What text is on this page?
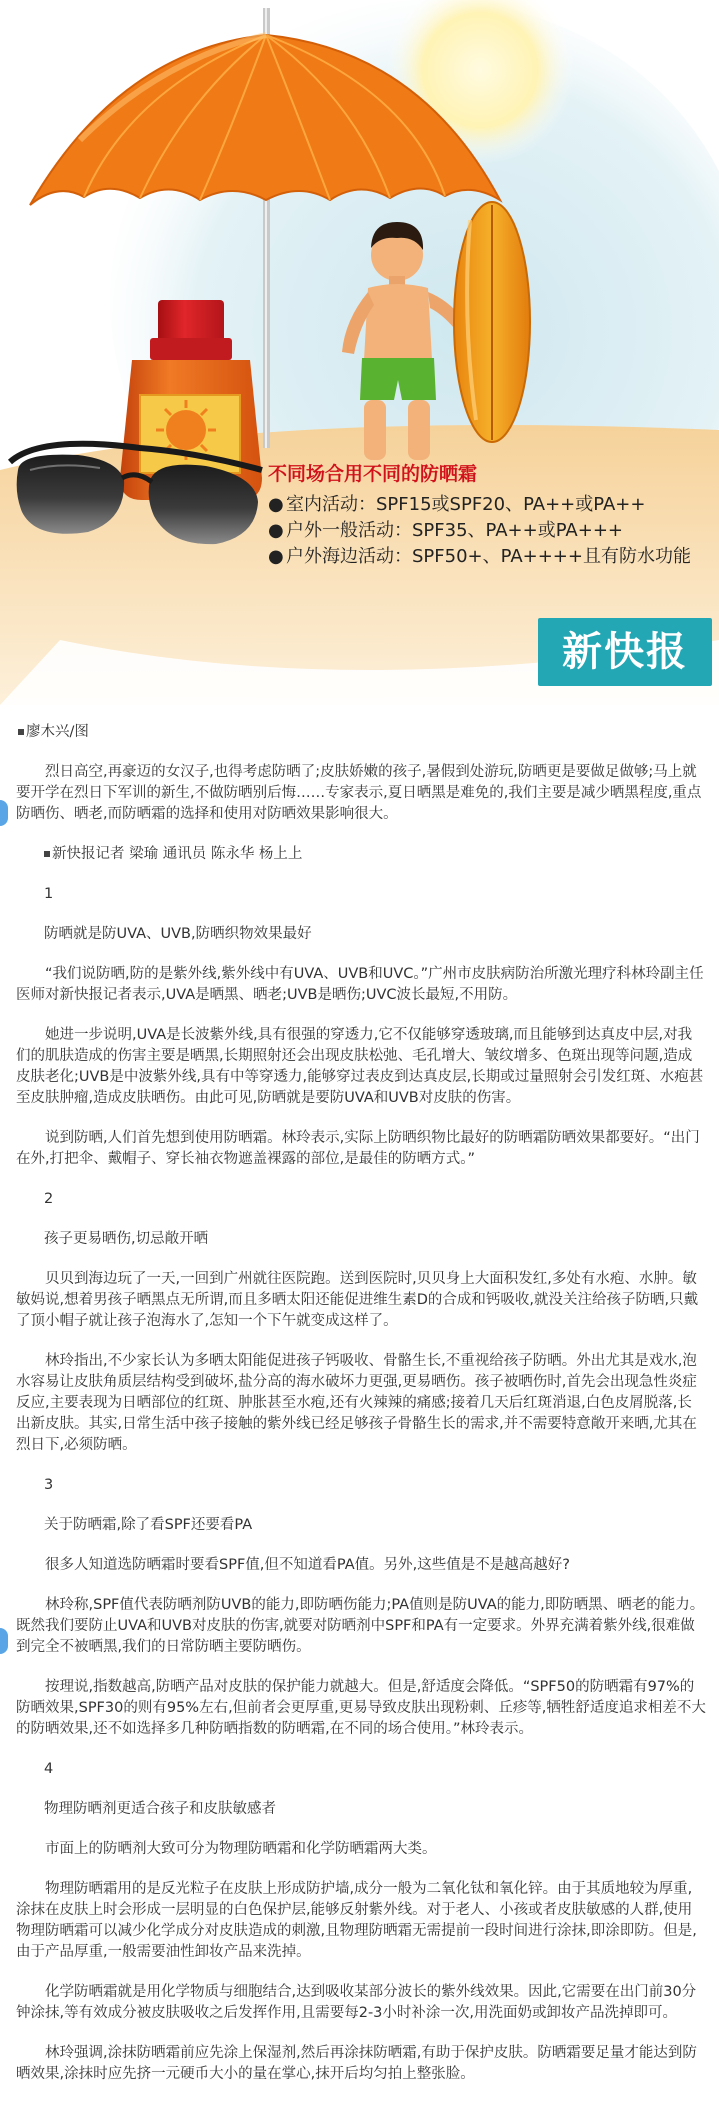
不同场合用不同的防晒霜
● 室内活动：SPF15或SPF20、PA++或PA++
● 户外一般活动：SPF35、PA++或PA+++
● 户外海边活动：SPF50+、PA++++且有防水功能
新快报

廖木兴/图

烈日高空,再豪迈的女汉子,也得考虑防晒了;皮肤娇嫩的孩子,暑假到处游玩,防晒更是要做足做够;马上就要开学在烈日下军训的新生,不做防晒别后悔……专家表示,夏日晒黑是难免的,我们主要是减少晒黑程度,重点防晒伤、晒老,而防晒霜的选择和使用对防晒效果影响很大。

新快报记者 梁瑜 通讯员 陈永华 杨上上

1

防晒就是防UVA、UVB,防晒织物效果最好

“我们说防晒,防的是紫外线,紫外线中有UVA、UVB和UVC。”广州市皮肤病防治所激光理疗科林玲副主任医师对新快报记者表示,UVA是晒黑、晒老;UVB是晒伤;UVC波长最短,不用防。

她进一步说明,UVA是长波紫外线,具有很强的穿透力,它不仅能够穿透玻璃,而且能够到达真皮中层,对我们的肌肤造成的伤害主要是晒黑,长期照射还会出现皮肤松弛、毛孔增大、皱纹增多、色斑出现等问题,造成皮肤老化;UVB是中波紫外线,具有中等穿透力,能够穿过表皮到达真皮层,长期或过量照射会引发红斑、水疱甚至皮肤肿瘤,造成皮肤晒伤。由此可见,防晒就是要防UVA和UVB对皮肤的伤害。

说到防晒,人们首先想到使用防晒霜。林玲表示,实际上防晒织物比最好的防晒霜防晒效果都要好。“出门在外,打把伞、戴帽子、穿长袖衣物遮盖裸露的部位,是最佳的防晒方式。”

2

孩子更易晒伤,切忌敞开晒

贝贝到海边玩了一天,一回到广州就往医院跑。送到医院时,贝贝身上大面积发红,多处有水疱、水肿。敏敏妈说,想着男孩子晒黑点无所谓,而且多晒太阳还能促进维生素D的合成和钙吸收,就没关注给孩子防晒,只戴了顶小帽子就让孩子泡海水了,怎知一个下午就变成这样了。

林玲指出,不少家长认为多晒太阳能促进孩子钙吸收、骨骼生长,不重视给孩子防晒。外出尤其是戏水,泡水容易让皮肤角质层结构受到破坏,盐分高的海水破坏力更强,更易晒伤。孩子被晒伤时,首先会出现急性炎症反应,主要表现为日晒部位的红斑、肿胀甚至水疱,还有火辣辣的痛感;接着几天后红斑消退,白色皮屑脱落,长出新皮肤。其实,日常生活中孩子接触的紫外线已经足够孩子骨骼生长的需求,并不需要特意敞开来晒,尤其在烈日下,必须防晒。

3

关于防晒霜,除了看SPF还要看PA

很多人知道选防晒霜时要看SPF值,但不知道看PA值。另外,这些值是不是越高越好?

林玲称,SPF值代表防晒剂防UVB的能力,即防晒伤能力;PA值则是防UVA的能力,即防晒黑、晒老的能力。既然我们要防止UVA和UVB对皮肤的伤害,就要对防晒剂中SPF和PA有一定要求。外界充满着紫外线,很难做到完全不被晒黑,我们的日常防晒主要防晒伤。

按理说,指数越高,防晒产品对皮肤的保护能力就越大。但是,舒适度会降低。“SPF50的防晒霜有97%的防晒效果,SPF30的则有95%左右,但前者会更厚重,更易导致皮肤出现粉刺、丘疹等,牺牲舒适度追求相差不大的防晒效果,还不如选择多几种防晒指数的防晒霜,在不同的场合使用。”林玲表示。

4

物理防晒剂更适合孩子和皮肤敏感者

市面上的防晒剂大致可分为物理防晒霜和化学防晒霜两大类。

物理防晒霜用的是反光粒子在皮肤上形成防护墙,成分一般为二氧化钛和氧化锌。由于其质地较为厚重,涂抹在皮肤上时会形成一层明显的白色保护层,能够反射紫外线。对于老人、小孩或者皮肤敏感的人群,使用物理防晒霜可以减少化学成分对皮肤造成的刺激,且物理防晒霜无需提前一段时间进行涂抹,即涂即防。但是,由于产品厚重,一般需要油性卸妆产品来洗掉。

化学防晒霜就是用化学物质与细胞结合,达到吸收某部分波长的紫外线效果。因此,它需要在出门前30分钟涂抹,等有效成分被皮肤吸收之后发挥作用,且需要每2-3小时补涂一次,用洗面奶或卸妆产品洗掉即可。

林玲强调,涂抹防晒霜前应先涂上保湿剂,然后再涂抹防晒霜,有助于保护皮肤。防晒霜要足量才能达到防晒效果,涂抹时应先挤一元硬币大小的量在掌心,抹开后均匀拍上整张脸。
